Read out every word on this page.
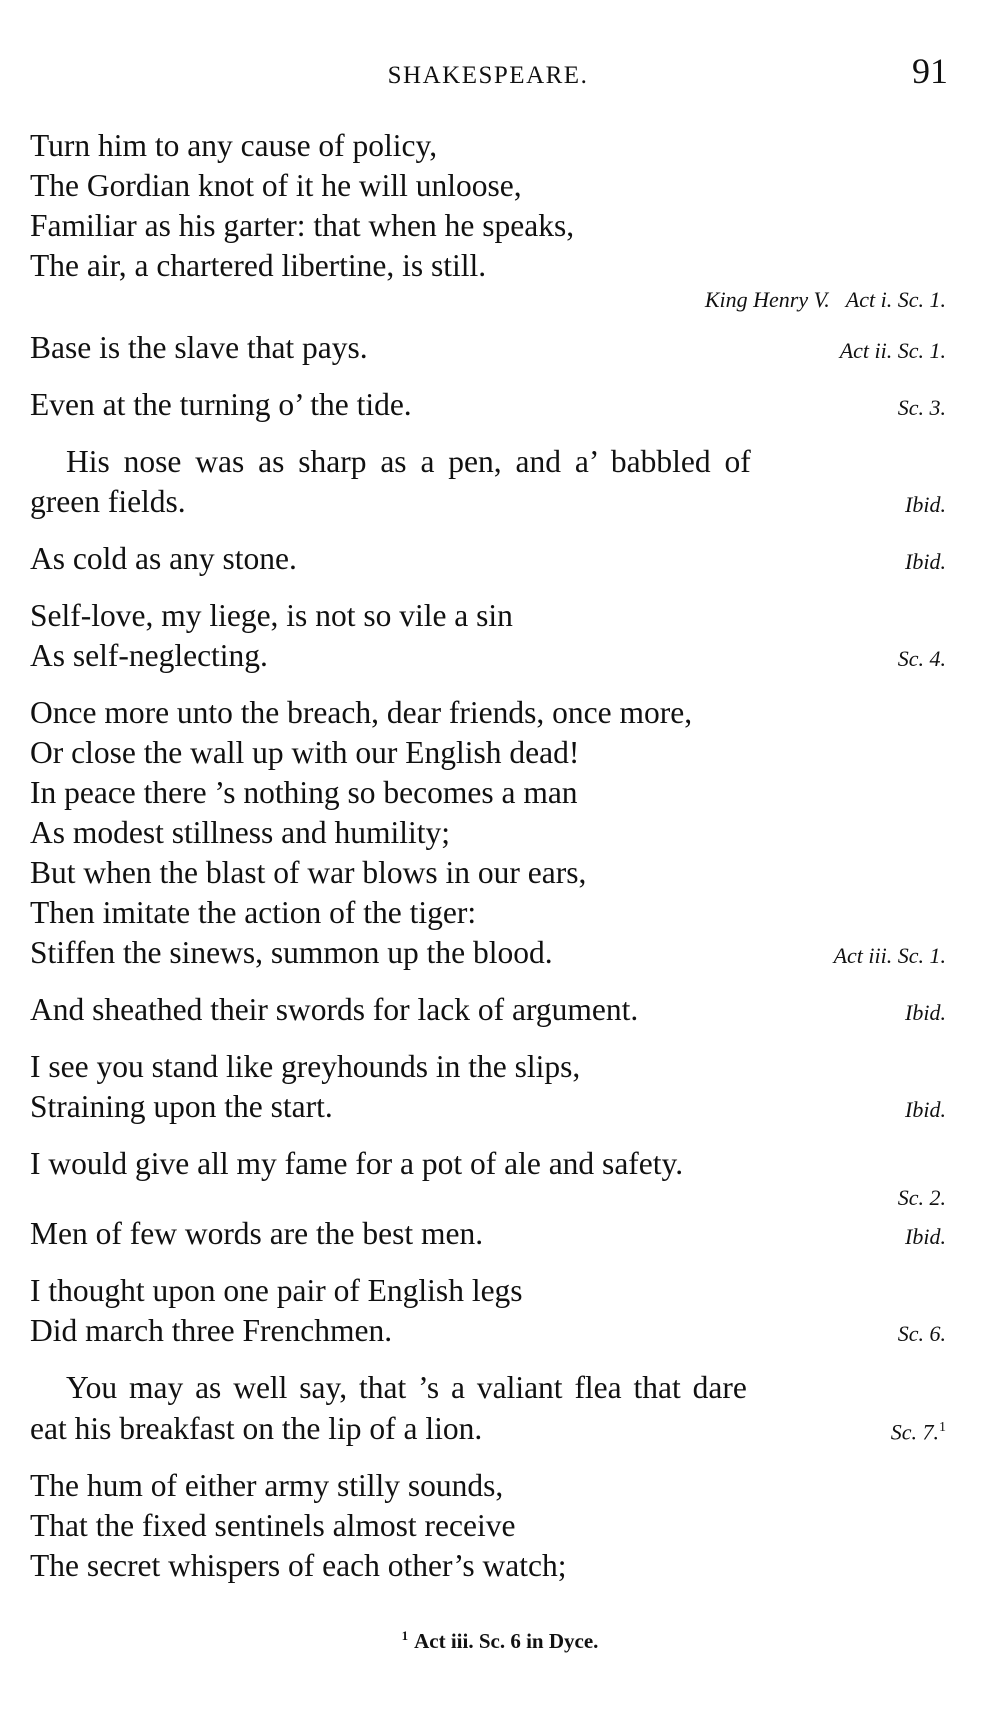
SHAKESPEARE.	91
Turn him to any cause of policy,
The Gordian knot of it he will unloose,
Familiar as his garter: that when he speaks,
The air, a chartered libertine, is still.
King Henry V.   Act i. Sc. 1.
Base is the slave that pays.	Act ii. Sc. 1.
Even at the turning o’ the tide.	Sc. 3.
His nose was as sharp as a pen, and a’ babbled of
green fields.	Ibid.
As cold as any stone.	Ibid.
Self-love, my liege, is not so vile a sin
As self-neglecting.	Sc. 4.
Once more unto the breach, dear friends, once more,
Or close the wall up with our English dead!
In peace there ’s nothing so becomes a man
As modest stillness and humility;
But when the blast of war blows in our ears,
Then imitate the action of the tiger:
Stiffen the sinews, summon up the blood.	Act iii. Sc. 1.
And sheathed their swords for lack of argument.	Ibid.
I see you stand like greyhounds in the slips,
Straining upon the start.	Ibid.
I would give all my fame for a pot of ale and safety.
Sc. 2.
Men of few words are the best men.	Ibid.
I thought upon one pair of English legs
Did march three Frenchmen.	Sc. 6.
You may as well say, that ’s a valiant flea that dare
eat his breakfast on the lip of a lion.	Sc. 7.$^1$
The hum of either army stilly sounds,
That the fixed sentinels almost receive
The secret whispers of each other’s watch;
$^1$ Act iii. Sc. 6 in Dyce.
